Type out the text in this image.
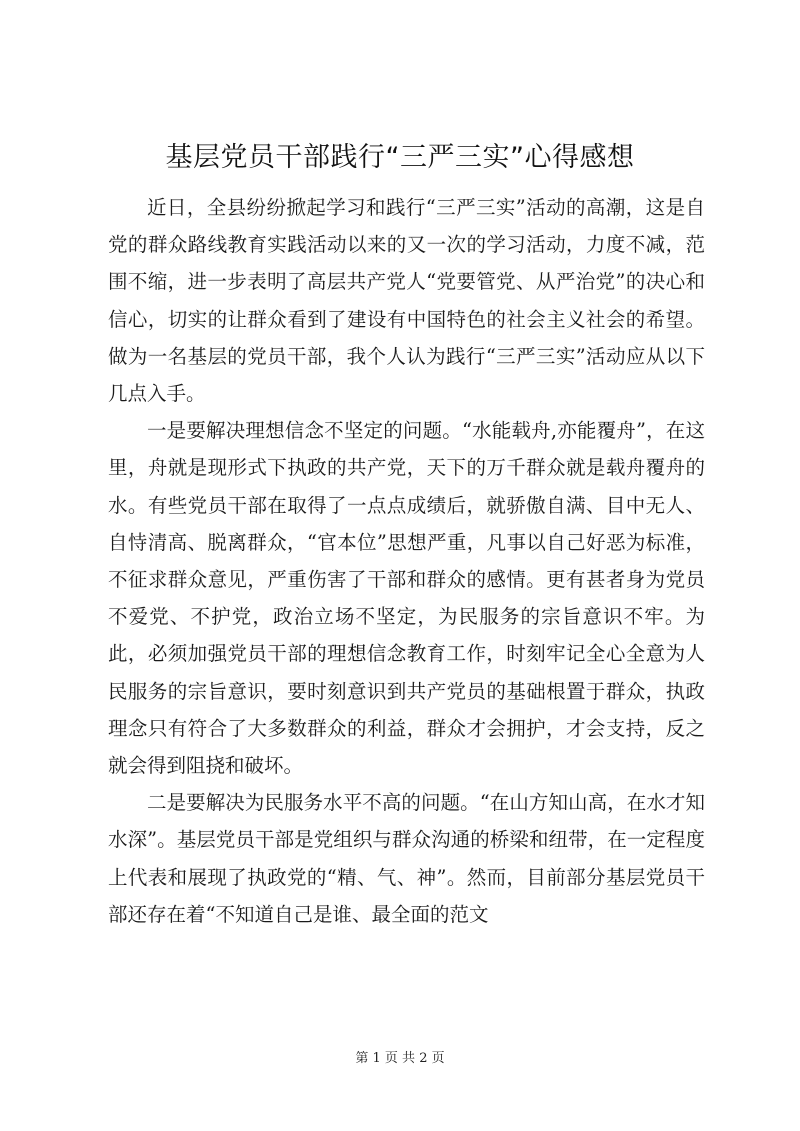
基层党员干部践行“三严三实”心得感想

近日，全县纷纷掀起学习和践行“三严三实”活动的高潮，这是自党的群众路线教育实践活动以来的又一次的学习活动，力度不减，范围不缩，进一步表明了高层共产党人“党要管党、从严治党”的决心和信心，切实的让群众看到了建设有中国特色的社会主义社会的希望。做为一名基层的党员干部，我个人认为践行“三严三实”活动应从以下几点入手。

一是要解决理想信念不坚定的问题。“水能载舟,亦能覆舟”，在这里，舟就是现形式下执政的共产党，天下的万千群众就是载舟覆舟的水。有些党员干部在取得了一点点成绩后，就骄傲自满、目中无人、自恃清高、脱离群众，“官本位”思想严重，凡事以自己好恶为标准，不征求群众意见，严重伤害了干部和群众的感情。更有甚者身为党员不爱党、不护党，政治立场不坚定，为民服务的宗旨意识不牢。为此，必须加强党员干部的理想信念教育工作，时刻牢记全心全意为人民服务的宗旨意识，要时刻意识到共产党员的基础根置于群众，执政理念只有符合了大多数群众的利益，群众才会拥护，才会支持，反之就会得到阻挠和破坏。

二是要解决为民服务水平不高的问题。“在山方知山高，在水才知水深”。基层党员干部是党组织与群众沟通的桥梁和纽带，在一定程度上代表和展现了执政党的“精、气、神”。然而，目前部分基层党员干部还存在着“不知道自己是谁、最全面的范文

第 1 页 共 2 页
